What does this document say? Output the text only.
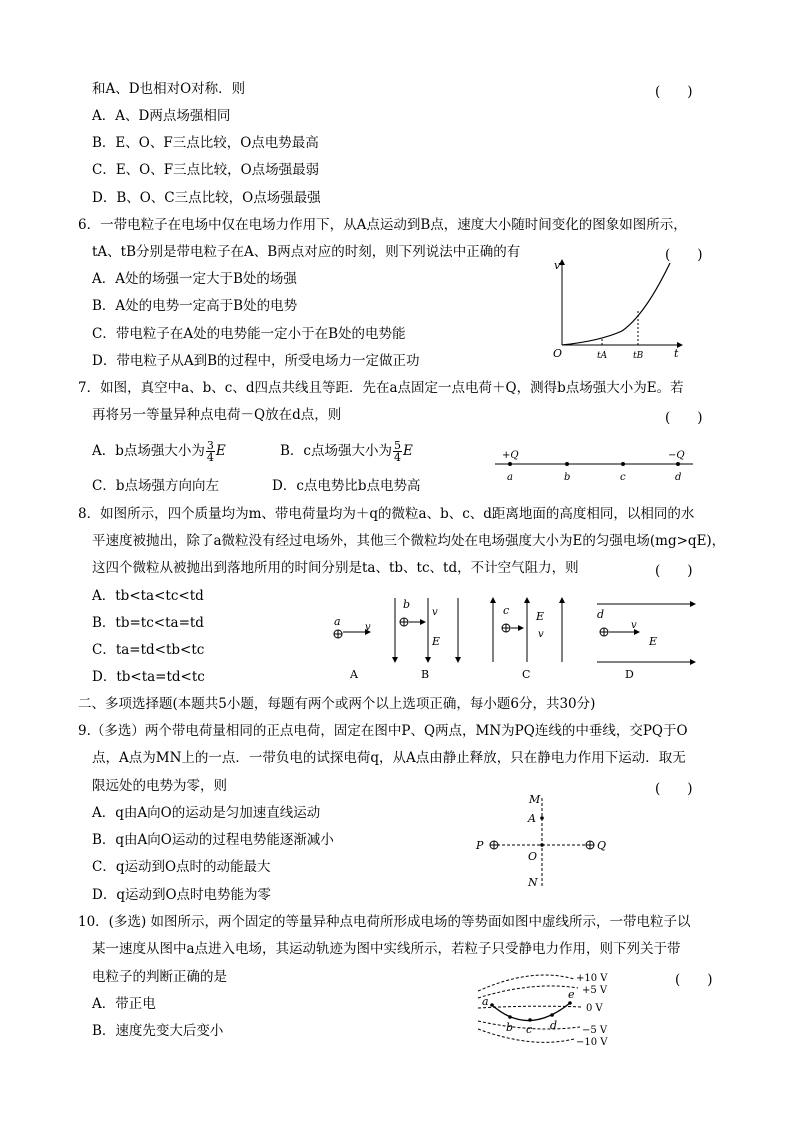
和A、D也相对O对称．则	(　　)
A．A、D两点场强相同
B．E、O、F三点比较，O点电势最高
C．E、O、F三点比较，O点场强最弱
D．B、O、C三点比较，O点场强最强
6．一带电粒子在电场中仅在电场力作用下，从A点运动到B点，速度大小随时间变化的图象如图所示，
tA、tB分别是带电粒子在A、B两点对应的时刻，则下列说法中正确的有	(　　)
A．A处的场强一定大于B处的场强
B．A处的电势一定高于B处的电势
C．带电粒子在A处的电势能一定小于在B处的电势能
D．带电粒子从A到B的过程中，所受电场力一定做正功
v
t
O	tA	tB
7．如图，真空中a、b、c、d四点共线且等距．先在a点固定一点电荷＋Q，测得b点场强大小为E。若
再将另一等量异种点电荷－Q放在d点，则	(　　)
A．b点场强大小为 $\frac{3}{4}$ E	B．c点场强大小为 $\frac{5}{4}$ E
C．b点场强方向向左	D．c点电势比b点电势高
+Q	−Q
a	b	c	d
8．如图所示，四个质量均为m、带电荷量均为＋q的微粒a、b、c、d距离地面的高度相同，以相同的水
平速度被抛出，除了a微粒没有经过电场外，其他三个微粒均处在电场强度大小为E的匀强电场(mg>qE)，
这四个微粒从被抛出到落地所用的时间分别是ta、tb、tc、td，不计空气阻力，则	(　　)
A．tb<ta<tc<td
B．tb=tc<ta=td
C．ta=td<tb<tc
D．tb<ta=td<tc
a v
A
b
v
E
B
c E
v
C
d
v
E
D
二、多项选择题(本题共5小题，每题有两个或两个以上选项正确，每小题6分，共30分)
9.（多选）两个带电荷量相同的正点电荷，固定在图中P、Q两点，MN为PQ连线的中垂线，交PQ于O
点，A点为MN上的一点．一带负电的试探电荷q，从A点由静止释放，只在静电力作用下运动．取无
限远处的电势为零，则	(　　)
A．q由A向O的运动是匀加速直线运动
B．q由A向O运动的过程电势能逐渐减小
C．q运动到O点时的动能最大
D．q运动到O点时电势能为零
M
A
P	Q
O
N
10．(多选) 如图所示，两个固定的等量异种点电荷所形成电场的等势面如图中虚线所示，一带电粒子以
某一速度从图中a点进入电场，其运动轨迹为图中实线所示，若粒子只受静电力作用，则下列关于带
电粒子的判断正确的是	(　　)
A．带正电
B．速度先变大后变小
a
b c d
e
+10 V
+5 V
0 V
−5 V
−10 V
